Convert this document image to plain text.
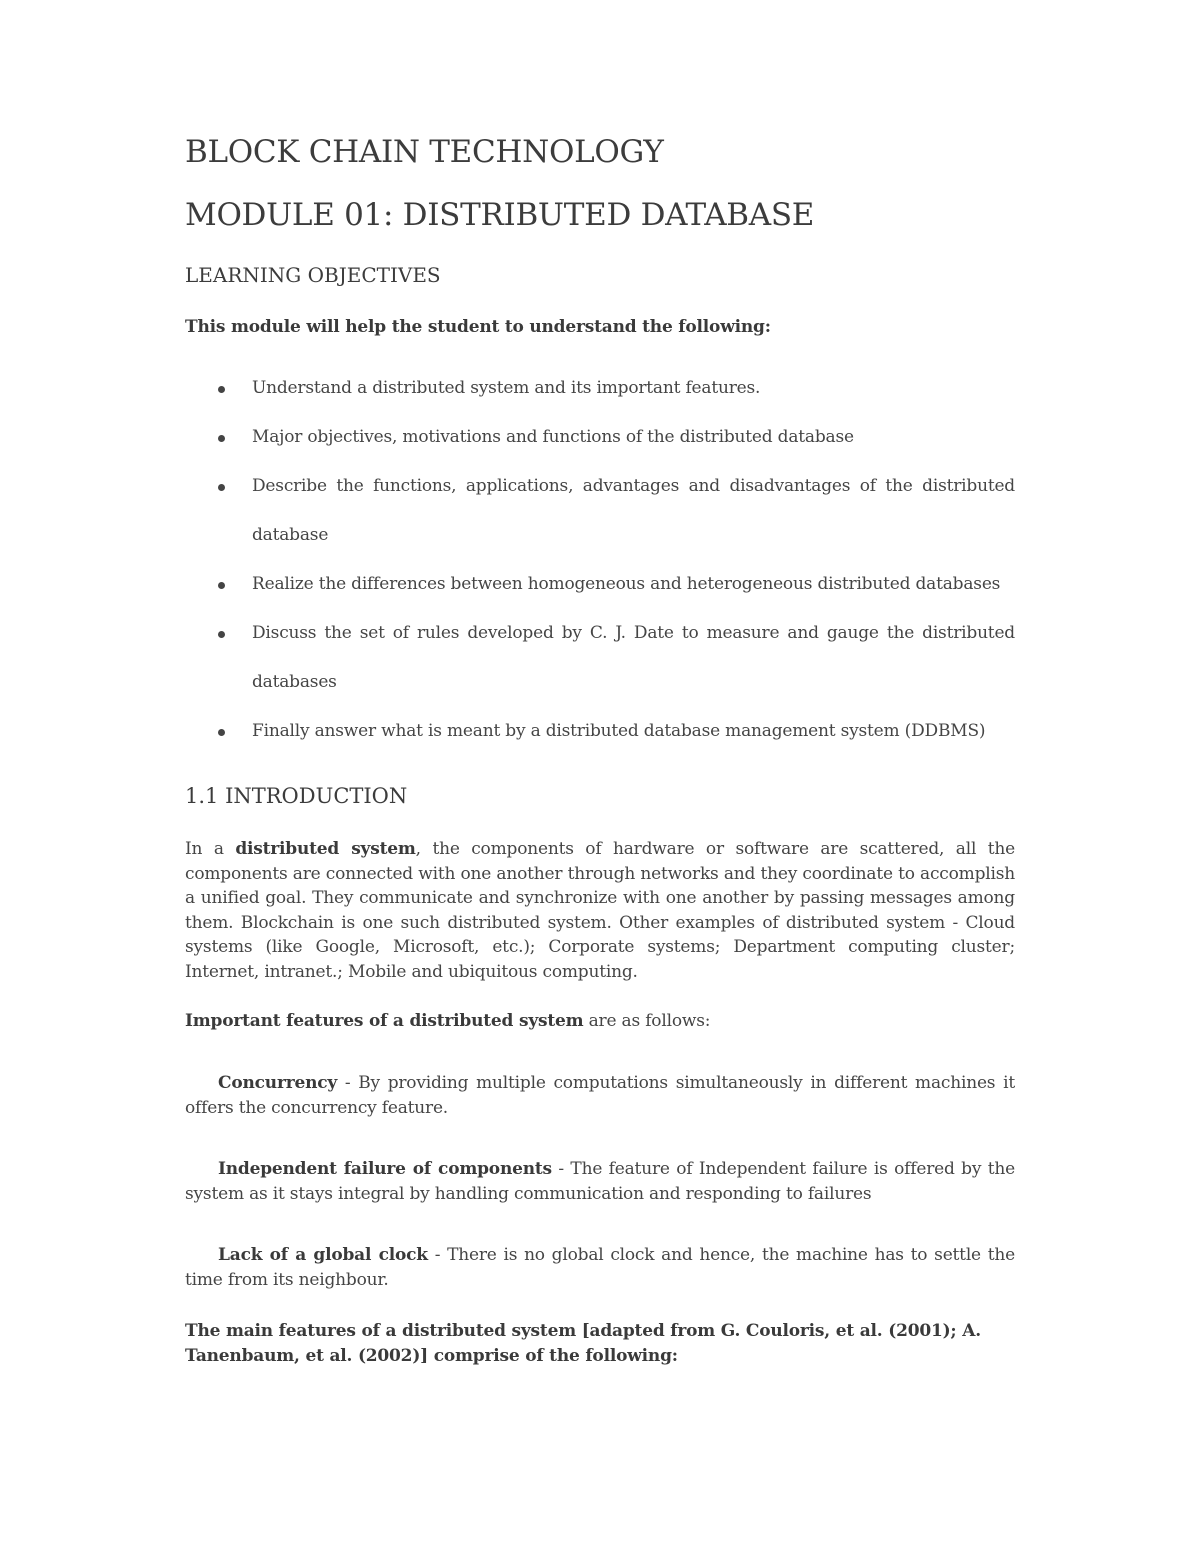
BLOCK CHAIN TECHNOLOGY
MODULE 01: DISTRIBUTED DATABASE
LEARNING OBJECTIVES
This module will help the student to understand the following:
Understand a distributed system and its important features.
Major objectives, motivations and functions of the distributed database
Describe the functions, applications, advantages and disadvantages of the distributed database
Realize the differences between homogeneous and heterogeneous distributed databases
Discuss the set of rules developed by C. J. Date to measure and gauge the distributed databases
Finally answer what is meant by a distributed database management system (DDBMS)
1.1 INTRODUCTION
In a distributed system, the components of hardware or software are scattered, all the components are connected with one another through networks and they coordinate to accomplish a unified goal. They communicate and synchronize with one another by passing messages among them. Blockchain is one such distributed system. Other examples of distributed system - Cloud systems (like Google, Microsoft, etc.); Corporate systems; Department computing cluster; Internet, intranet.; Mobile and ubiquitous computing.
Important features of a distributed system are as follows:
Concurrency - By providing multiple computations simultaneously in different machines it offers the concurrency feature.
Independent failure of components - The feature of Independent failure is offered by the system as it stays integral by handling communication and responding to failures
Lack of a global clock - There is no global clock and hence, the machine has to settle the time from its neighbour.
The main features of a distributed system [adapted from G. Couloris, et al. (2001); A. Tanenbaum, et al. (2002)] comprise of the following:
